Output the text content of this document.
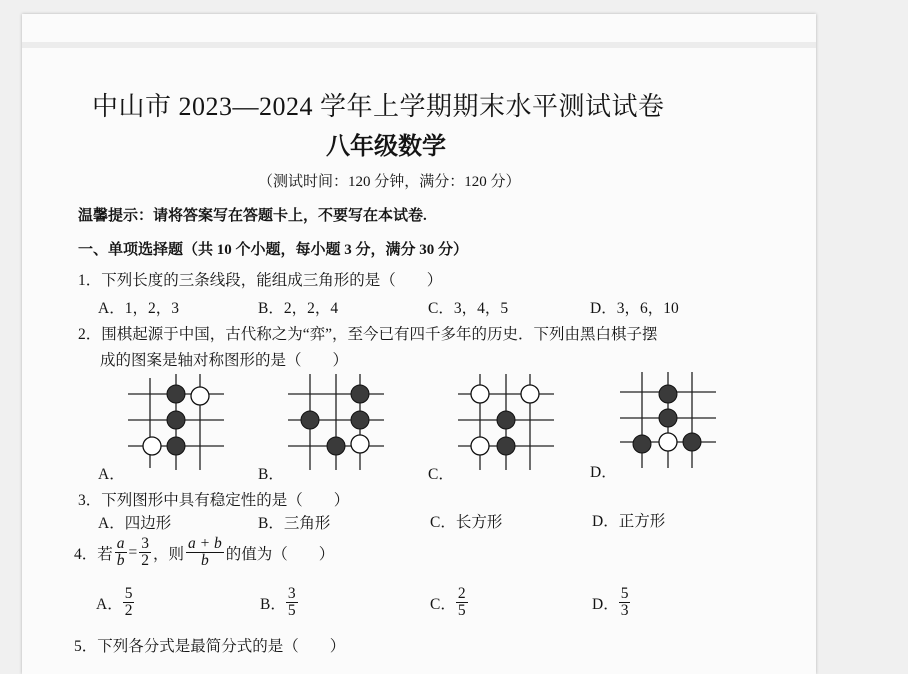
中山市 2023—2024 学年上学期期末水平测试试卷
八年级数学
（测试时间：120 分钟，满分：120 分）
温馨提示：请将答案写在答题卡上，不要写在本试卷.
一、单项选择题（共 10 个小题，每小题 3 分，满分 30 分）
1．下列长度的三条线段，能组成三角形的是（　　）
A．1，2，3	B．2，2，4	C．3，4，5	D．3，6，10
2．围棋起源于中国，古代称之为“弈”，至今已有四千多年的历史．下列由黑白棋子摆
成的图案是轴对称图形的是（　　）
A．	B．	C．	D．
3．下列图形中具有稳定性的是（　　）
A．四边形	B．三角形	C．长方形	D．正方形
4．若 $\frac{a}{b} = \frac{3}{2}$ ，则 $\frac{a + b}{b}$ 的值为（　　）
A． $\frac{5}{2}$	B． $\frac{3}{5}$	C． $\frac{2}{5}$	D． $\frac{5}{3}$
5．下列各分式是最简分式的是（　　）
